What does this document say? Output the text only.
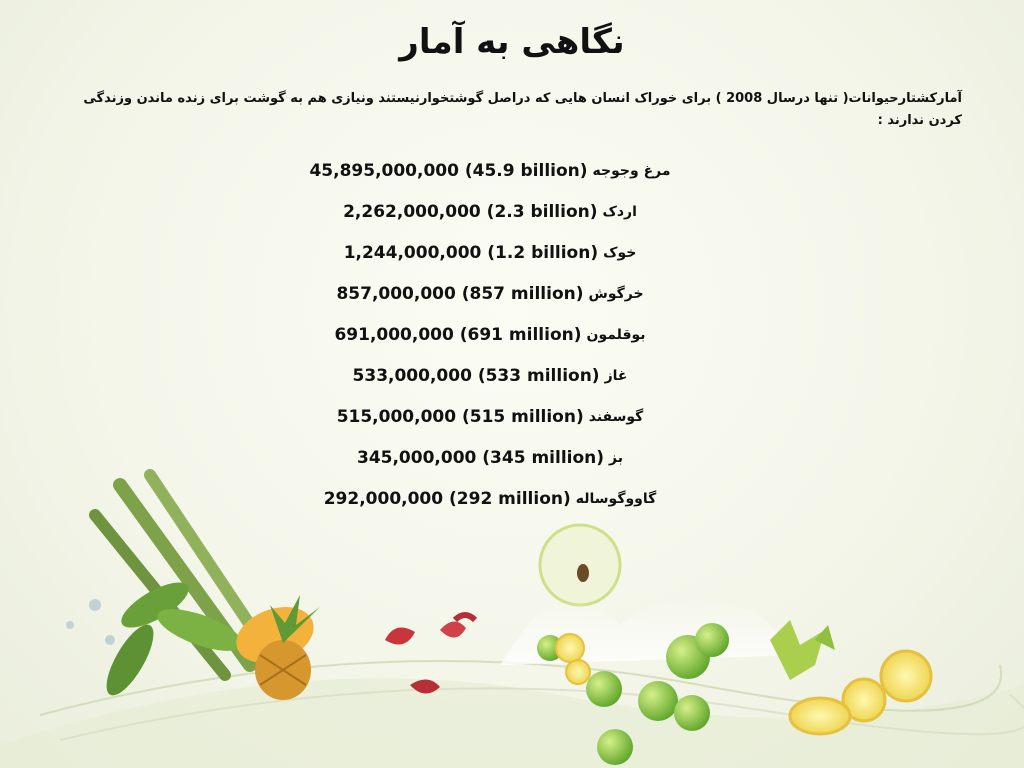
نگاهی به آمار
آمارکشتارحیوانات( تنها درسال 2008 ) برای خوراک انسان هایی که دراصل گوشتخوارنیستند ونیازی هم به گوشت برای زنده ماندن وزندگی کردن ندارند :
45,895,000,000 (45.9 billion) مرغ وجوجه
2,262,000,000 (2.3 billion) اردک
1,244,000,000 (1.2 billion) خوک
857,000,000 (857 million) خرگوش
691,000,000 (691 million) بوقلمون
533,000,000 (533 million) غاز
515,000,000 (515 million) گوسفند
345,000,000 (345 million) بز
292,000,000 (292 million) گاووگوساله
